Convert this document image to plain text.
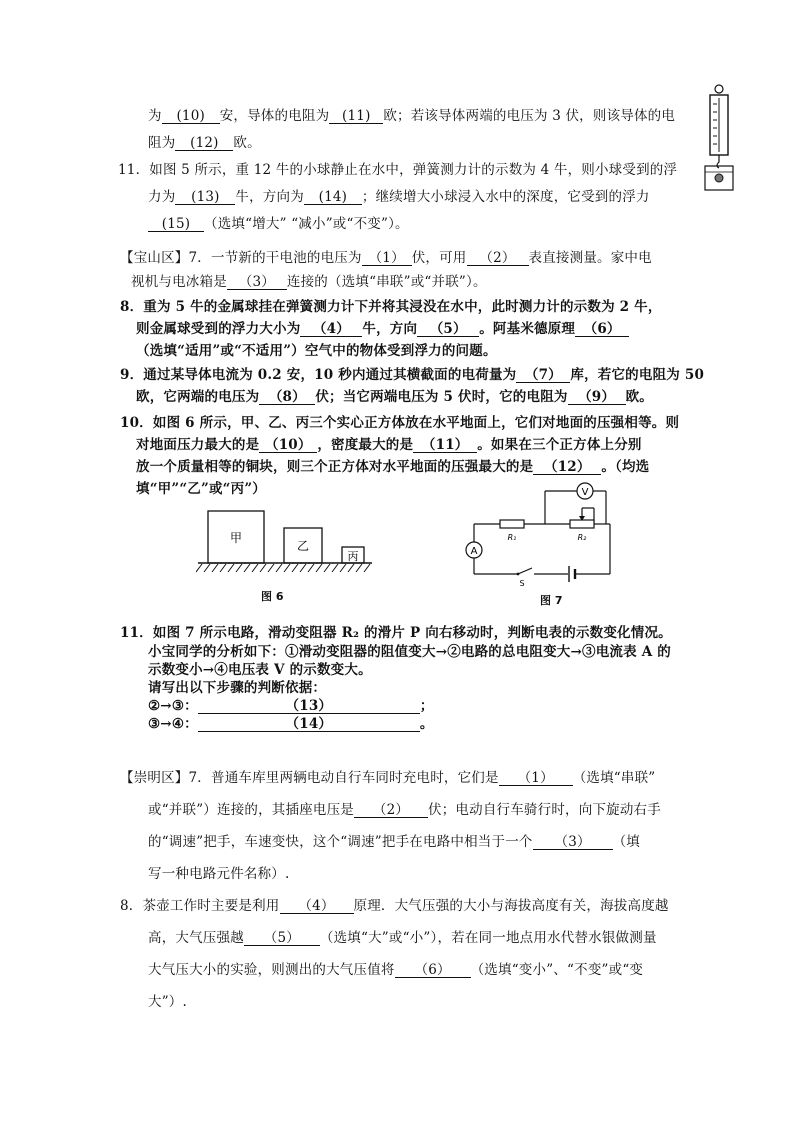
为 (10) 安，导体的电阻为 (11) 欧；若该导体两端的电压为 3 伏，则该导体的电
阻为 (12) 欧。
11．如图 5 所示，重 12 牛的小球静止在水中，弹簧测力计的示数为 4 牛，则小球受到的浮
力为 (13) 牛，方向为 (14) ；继续增大小球浸入水中的深度，它受到的浮力
(15) （选填“增大” “减小”或“不变”）。
【宝山区】7．一节新的干电池的电压为 （1） 伏，可用 （2） 表直接测量。家中电
视机与电冰箱是 （3） 连接的（选填“串联”或“并联”）。
8．重为 5 牛的金属球挂在弹簧测力计下并将其浸没在水中，此时测力计的示数为 2 牛，
则金属球受到的浮力大小为 （4） 牛，方向 （5） 。阿基米德原理 （6）
（选填“适用”或“不适用”）空气中的物体受到浮力的问题。
9．通过某导体电流为 0.2 安，10 秒内通过其横截面的电荷量为 （7） 库，若它的电阻为 50
欧，它两端的电压为 （8） 伏；当它两端电压为 5 伏时，它的电阻为 （9） 欧。
10．如图 6 所示，甲、乙、丙三个实心正方体放在水平地面上，它们对地面的压强相等。则
对地面压力最大的是 （10） ，密度最大的是 （11） 。如果在三个正方体上分别
放一个质量相等的铜块，则三个正方体对水平地面的压强最大的是 （12） 。（均选
填“甲”“乙”或“丙”）
甲
乙
丙
图 6
V
A
R₁	R₂
S
图 7
11．如图 7 所示电路，滑动变阻器 R₂ 的滑片 P 向右移动时，判断电表的示数变化情况。
小宝同学的分析如下：①滑动变阻器的阻值变大→②电路的总电阻变大→③电流表 A 的
示数变小→④电压表 V 的示数变大。
请写出以下步骤的判断依据：
②→③：	（13）	；
③→④：	（14）	。
【崇明区】7．普通车库里两辆电动自行车同时充电时，它们是 （1） （选填“串联”
或“并联”）连接的，其插座电压是 （2） 伏；电动自行车骑行时，向下旋动右手
的“调速”把手，车速变快，这个“调速”把手在电路中相当于一个 （3） （填
写一种电路元件名称）.
8．茶壶工作时主要是利用 （4） 原理．大气压强的大小与海拔高度有关，海拔高度越
高，大气压强越 （5） （选填“大”或“小”），若在同一地点用水代替水银做测量
大气压大小的实验，则测出的大气压值将 （6） （选填“变小”、“不变”或“变
大”）.
